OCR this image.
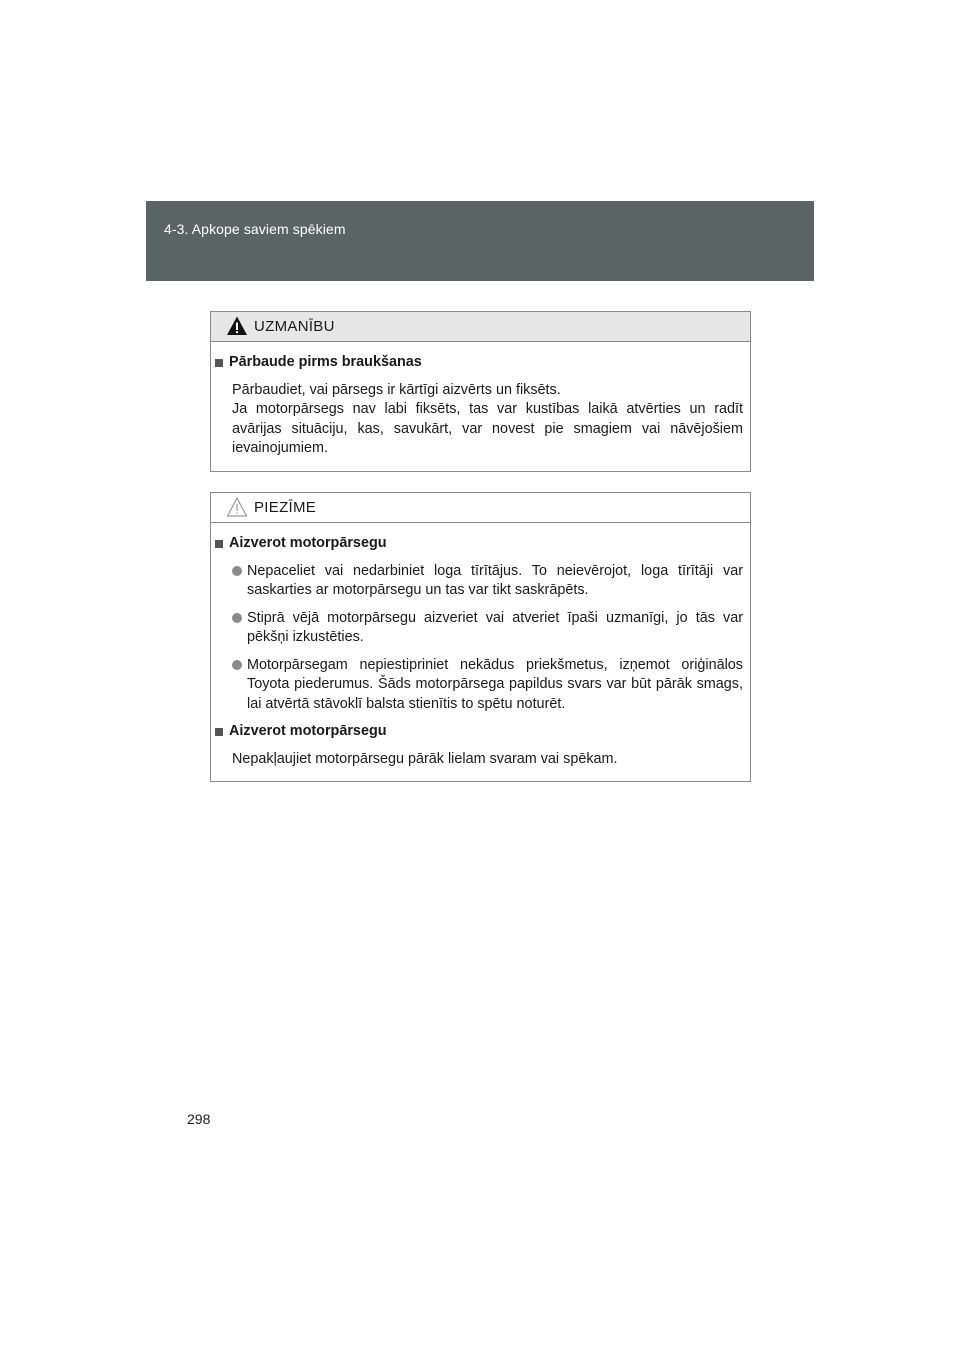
4-3. Apkope saviem spēkiem
UZMANĪBU
Pārbaude pirms braukšanas

Pārbaudiet, vai pārsegs ir kārtīgi aizvērts un fiksēts.

Ja motorpārsegs nav labi fiksēts, tas var kustības laikā atvērties un radīt avārijas situāciju, kas, savukārt, var novest pie smagiem vai nāvējošiem ievainojumiem.

PIEZĪME
Aizverot motorpārsegu
Nepaceliet vai nedarbiniet loga tīrītājus. To neievērojot, loga tīrītāji var saskarties ar motorpārsegu un tas var tikt saskrāpēts.
Stiprā vējā motorpārsegu aizveriet vai atveriet īpaši uzmanīgi, jo tās var pēkšņi izkustēties.
Motorpārsegam nepiestipriniet nekādus priekšmetus, izņemot oriģinālos Toyota piederumus. Šāds motorpārsega papildus svars var būt pārāk smags, lai atvērtā stāvoklī balsta stienītis to spētu noturēt.
Aizverot motorpārsegu

Nepakļaujiet motorpārsegu pārāk lielam svaram vai spēkam.

298
